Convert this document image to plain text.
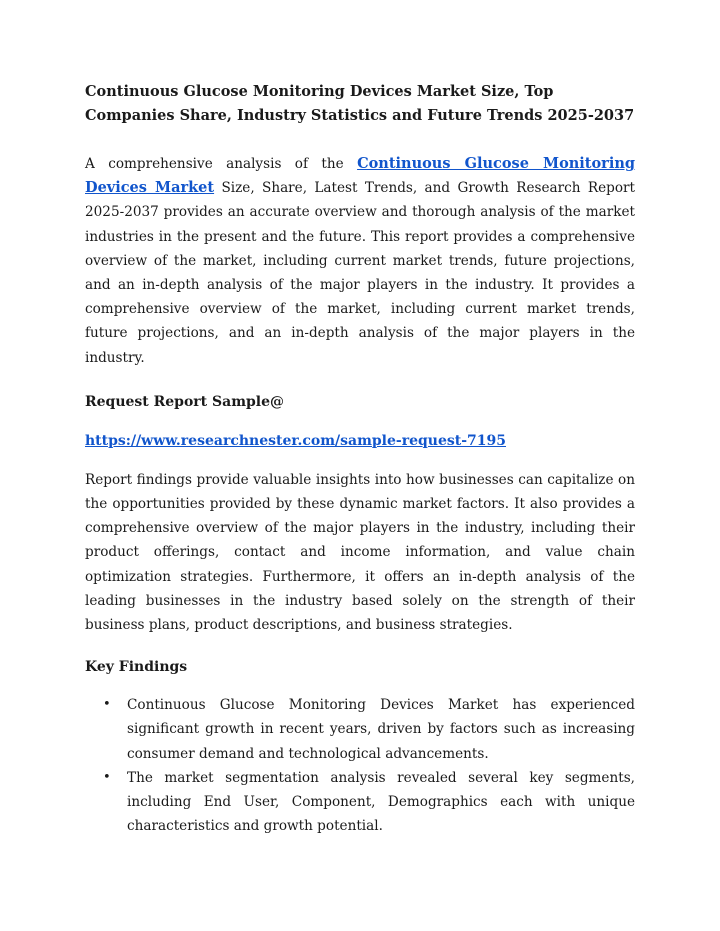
Continuous Glucose Monitoring Devices Market Size, Top Companies Share, Industry Statistics and Future Trends 2025-2037

A comprehensive analysis of the Continuous Glucose Monitoring Devices Market Size, Share, Latest Trends, and Growth Research Report 2025-2037 provides an accurate overview and thorough analysis of the market industries in the present and the future. This report provides a comprehensive overview of the market, including current market trends, future projections, and an in-depth analysis of the major players in the industry. It provides a comprehensive overview of the market, including current market trends, future projections, and an in-depth analysis of the major players in the industry.

Request Report Sample@
https://www.researchnester.com/sample-request-7195

Report findings provide valuable insights into how businesses can capitalize on the opportunities provided by these dynamic market factors. It also provides a comprehensive overview of the major players in the industry, including their product offerings, contact and income information, and value chain optimization strategies. Furthermore, it offers an in-depth analysis of the leading businesses in the industry based solely on the strength of their business plans, product descriptions, and business strategies.

Key Findings
• Continuous Glucose Monitoring Devices Market has experienced significant growth in recent years, driven by factors such as increasing consumer demand and technological advancements.
• The market segmentation analysis revealed several key segments, including End User, Component, Demographics each with unique characteristics and growth potential.
